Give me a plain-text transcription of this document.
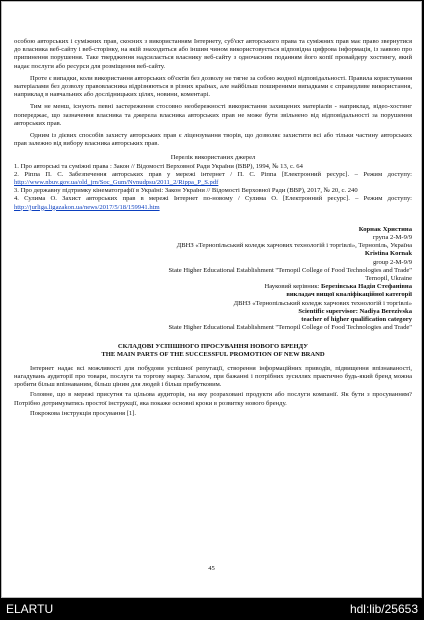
особою авторських і суміжних прав, скоєних з використанням Інтернету, суб'єкт авторського права та суміжних прав має право звернутися до власника веб-сайту і веб-сторінку, на якій знаходиться або іншим чином використовується відповідна цифрова інформація, із заявою про припинення порушення. Таке твердження надсилається власнику веб-сайту з одночасним поданням його копії провайдеру хостингу, який надає послуги або ресурси для розміщення веб-сайту.

Проте є випадки, коли використання авторських об'єктів без дозволу не тягне за собою жодної відповідальності. Правила користування матеріалами без дозволу правовласника відрізняються в різних країнах, але найбільш поширеними випадками є справедливе використання, наприклад в навчальних або дослідницьких цілях, новини, коментарі.

Тим не менш, існують певні застереження стосовно необережності використання захищених матеріалів - наприклад, відео-хостинг попереджає, що зазначення власника та джерела власника авторських прав не може бути звільнено від відповідальності за порушення авторських прав.

Одним із дієвих способів захисту авторських прав є ліцензування творів, що дозволяє захистити всі або тільки частину авторських прав залежно від вибору власника авторських прав.

Перелік використаних джерел

1. Про авторські та суміжні права : Закон // Відомості Верховної Ради України (ВВР), 1994, № 13, с. 64

2. Ріппа П. С. Забезпечення авторських прав у мережі інтернет / П. С. Ріппа [Електронний ресурс]. – Режим доступу: http://www.nbuv.gov.ua/old_jrn/Soc_Gum/Nvnudpsu/2011_2/Rippa_P_S.pdf

3. Про державну підтримку кінематографії в Україні: Закон України // Відомості Верховної Ради (ВВР), 2017, № 20, с. 240

4. Сулима О. Захист авторських прав в мережі Інтернет по-новому / Сулима О. [Електронний ресурс]. – Режим доступу: http://jurliga.ligazakon.ua/news/2017/5/18/159941.htm

Корнак Христина

група 2-М-9/9

ДВНЗ «Тернопільський коледж харчових технологій і торгівлі», Тернопіль, Україна

Kristina Kornak

group 2-M-9/9

State Higher Educational Establishment "Ternopil College of Food Technologies and Trade"

Ternopil, Ukraine

Науковий керівник: Березівська Надія Стефанівна

викладач вищої кваліфікаційної категорії

ДВНЗ «Тернопільський коледж харчових технологій і торгівлі»

Scientific supervisor: Nadiya Berezivska

teacher of higher qualification category

State Higher Educational Establishment "Ternopil College of Food Technologies and Trade"

СКЛАДОВІ УСПІШНОГО ПРОСУВАННЯ НОВОГО БРЕНДУ

THE MAIN PARTS OF THE SUCCESSFUL PROMOTION OF NEW BRAND

Інтернет надає всі можливості для побудови успішної репутації, створення інформаційних приводів, підвищення впізнаваності, нагадувань аудиторії про товари, послуги та торгову марку. Загалом, при бажанні і потрібних зусиллях практично будь-який бренд можна зробити більш впізнаваним, більш ціним для людей і більш прибутковим.

Головне, що в мережі присутня та цільова аудиторія, на яку розраховані продукти або послуги компанії. Як бути з просуванням? Потрібно дотримуватись простої інструкції, яка покаже основні кроки в розвитку нового бренду.

Покрокова інструкція просування [1].

45
ELARTU	hdl:lib/25653
